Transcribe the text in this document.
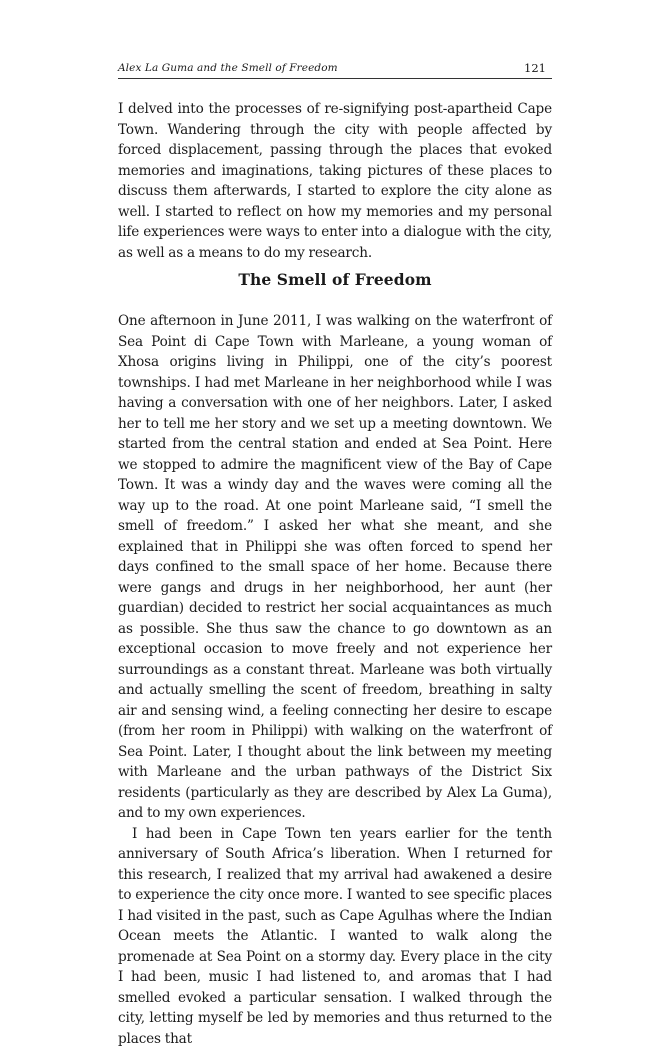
Alex La Guma and the Smell of Freedom	121

I delved into the processes of re-signifying post-apartheid Cape Town. Wandering through the city with people affected by forced displacement, passing through the places that evoked memories and imaginations, taking pictures of these places to discuss them afterwards, I started to explore the city alone as well. I started to reflect on how my memories and my personal life experiences were ways to enter into a dialogue with the city, as well as a means to do my research.

The Smell of Freedom

One afternoon in June 2011, I was walking on the waterfront of Sea Point di Cape Town with Marleane, a young woman of Xhosa origins living in Philippi, one of the city’s poorest townships. I had met Marleane in her neighborhood while I was having a conversation with one of her neighbors. Later, I asked her to tell me her story and we set up a meeting downtown. We started from the central station and ended at Sea Point. Here we stopped to admire the magnificent view of the Bay of Cape Town. It was a windy day and the waves were coming all the way up to the road. At one point Marleane said, “I smell the smell of freedom.” I asked her what she meant, and she explained that in Philippi she was often forced to spend her days confined to the small space of her home. Because there were gangs and drugs in her neighborhood, her aunt (her guardian) decided to restrict her social acquaintances as much as possible. She thus saw the chance to go downtown as an exceptional occasion to move freely and not experience her surroundings as a constant threat. Marleane was both virtually and actually smelling the scent of freedom, breathing in salty air and sensing wind, a feeling connecting her desire to escape (from her room in Philippi) with walking on the waterfront of Sea Point. Later, I thought about the link between my meeting with Marleane and the urban pathways of the District Six residents (particularly as they are described by Alex La Guma), and to my own experiences.

I had been in Cape Town ten years earlier for the tenth anniversary of South Africa’s liberation. When I returned for this research, I realized that my arrival had awakened a desire to experience the city once more. I wanted to see specific places I had visited in the past, such as Cape Agulhas where the Indian Ocean meets the Atlantic. I wanted to walk along the promenade at Sea Point on a stormy day. Every place in the city I had been, music I had listened to, and aromas that I had smelled evoked a particular sensation. I walked through the city, letting myself be led by memories and thus returned to the places that
